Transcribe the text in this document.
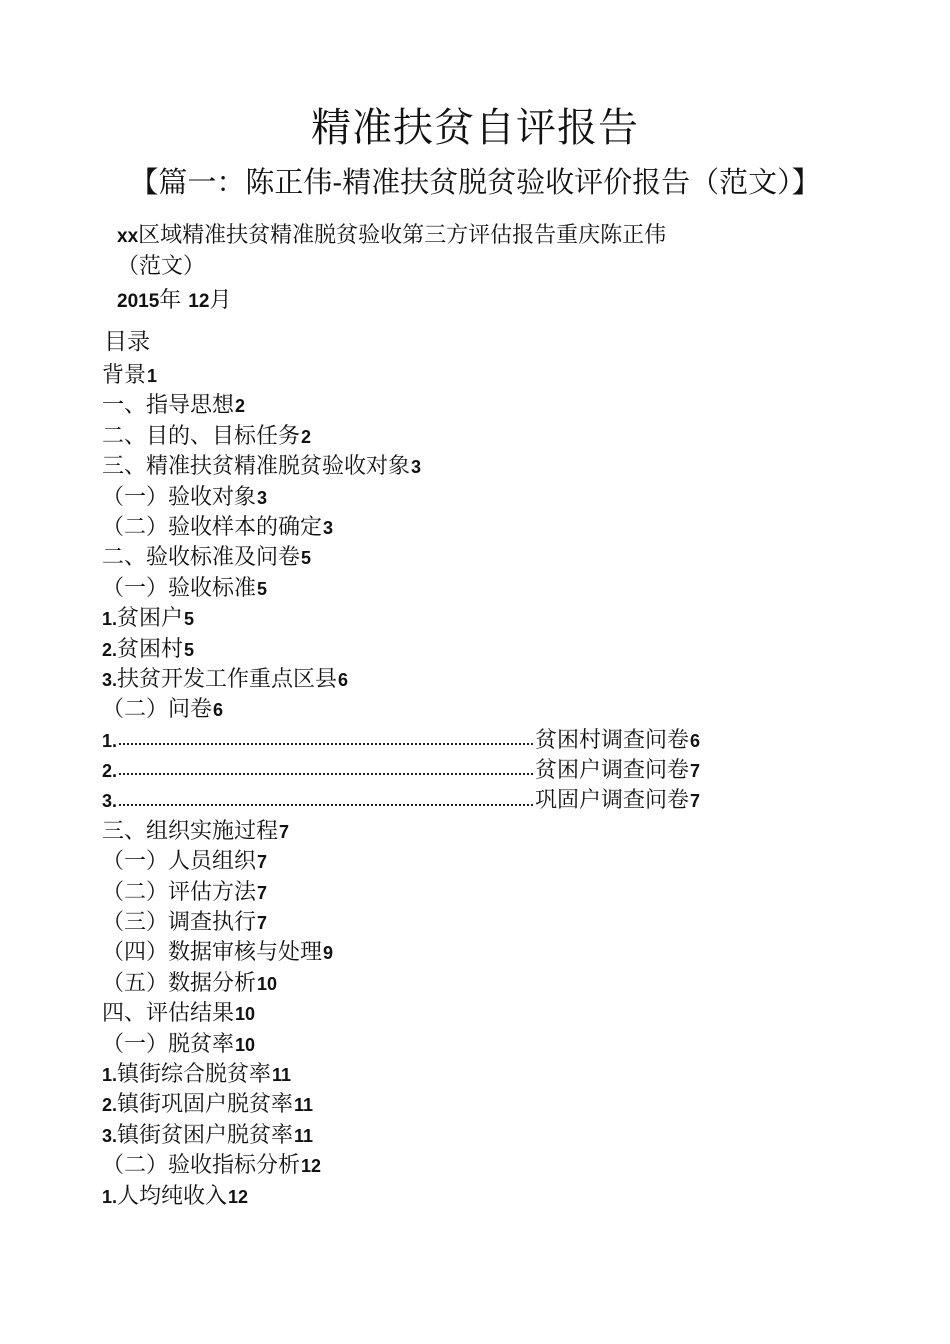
精准扶贫自评报告
【篇一：陈正伟-精准扶贫脱贫验收评价报告（范文）】
xx区域精准扶贫精准脱贫验收第三方评估报告重庆陈正伟
（范文）
2015年 12月
目录
背景 1
一、指导思想 2
二、目的、目标任务 2
三、精准扶贫精准脱贫验收对象 3
（一）验收对象 3
（二）验收样本的确定 3
二、验收标准及问卷 5
（一）验收标准 5
1. 贫困户 5
2. 贫困村 5
3. 扶贫开发工作重点区县 6
（二）问卷 6
1.	贫困村调查问卷 6
2.	贫困户调查问卷 7
3.	巩固户调查问卷 7
三、组织实施过程 7
（一）人员组织 7
（二）评估方法 7
（三）调查执行 7
（四）数据审核与处理 9
（五）数据分析 10
四、评估结果 10
（一）脱贫率 10
1. 镇街综合脱贫率 11
2. 镇街巩固户脱贫率 11
3. 镇街贫困户脱贫率 11
（二）验收指标分析 12
1. 人均纯收入 12
